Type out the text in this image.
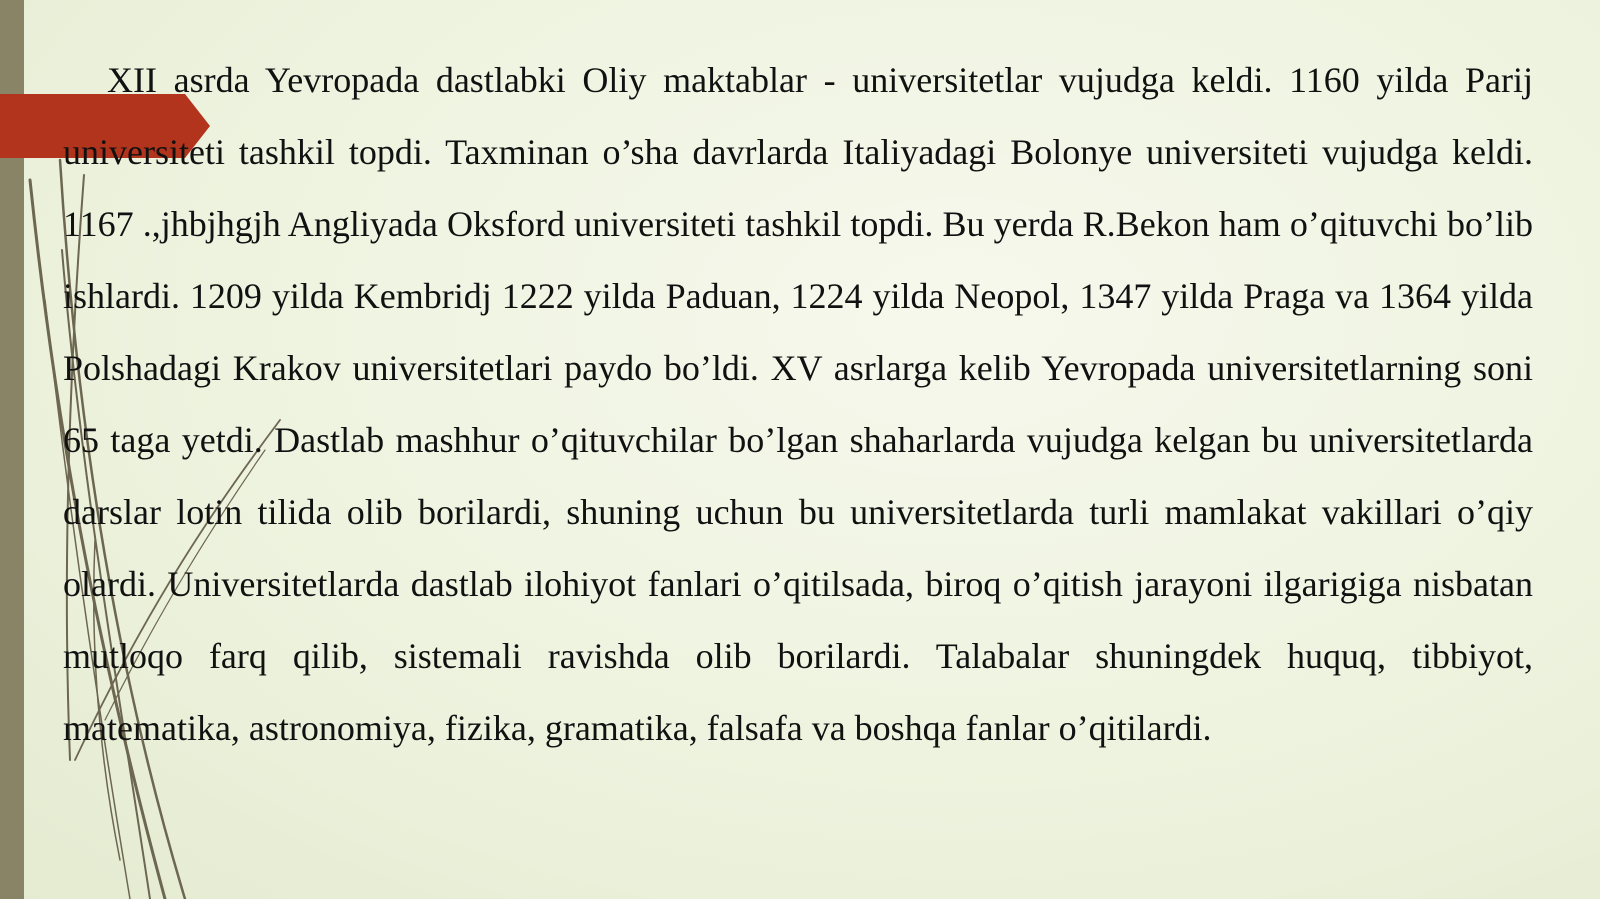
XII asrda Yevropada dastlabki Oliy maktablar - universitetlar vujudga keldi. 1160 yilda Parij universiteti tashkil topdi. Taxminan o’sha davrlarda Italiyadagi Bolonye universiteti vujudga keldi. 1167 .,jhbjhgjh Angliyada Oksford universiteti tashkil topdi. Bu yerda R.Bekon ham o’qituvchi bo’lib ishlardi. 1209 yilda Kembridj 1222 yilda Paduan, 1224 yilda Neopol, 1347 yilda Praga va 1364 yilda Polshadagi Krakov universitetlari paydo bo’ldi. XV asrlarga kelib Yevropada universitetlarning soni 65 taga yetdi. Dastlab mashhur o’qituvchilar bo’lgan shaharlarda vujudga kelgan bu universitetlarda darslar lotin tilida olib borilardi, shuning uchun bu universitetlarda turli mamlakat vakillari o’qiy olardi. Universitetlarda dastlab ilohiyot fanlari o’qitilsada, biroq o’qitish jarayoni ilgarigiga nisbatan mutloqo farq qilib, sistemali ravishda olib borilardi. Talabalar shuningdek huquq, tibbiyot, matematika, astronomiya, fizika, gramatika, falsafa va boshqa fanlar o’qitilardi.
